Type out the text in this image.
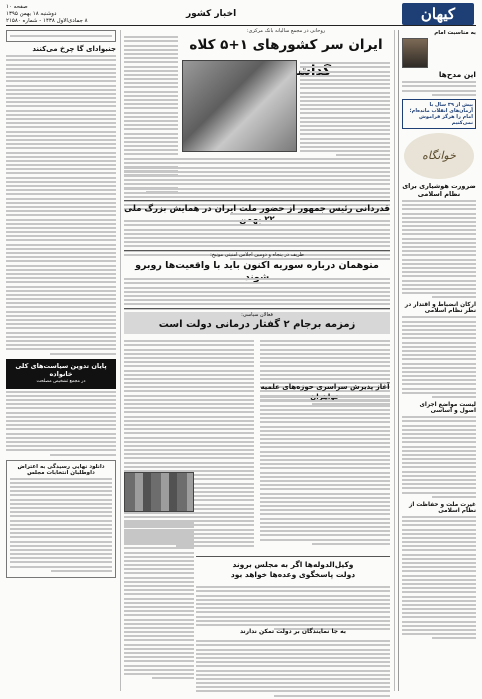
کیهان
اخبار کشور
صفحه ۱۰
دوشنبه ۱۸ بهمن ۱۳۹۵
۸ جمادی‌الاول ۱۴۳۸ - شماره ۲۱۵۸۰
روحانی در مجمع سالیانه بانک مرکزی:
ایران سر کشورهای ۱+۵ کلاه گذاشته
به مناسبت امام
این مدح‌ها
بیش از ۳۹ سال با آرمان‌های انقلاب مانده‌ام؛ امام را هرگز فراموش نمی‌کنیم
خوانگاه
ضرورت هوشیاری برای نظام اسلامی
ارکان انضباط و اقتدار در نظر نظام اسلامی
لیست مواضع اجرای اصول و اساسی
غیرت ملت و حفاظت از نظام اسلامی
جنبوادای گا چرخ می‌کنند
پایان تدوین سیاست‌های کلی خانواده
در مجمع تشخیص مصلحت
دانلود نهایی رسیدگی به اعتراض داوطلبان انتخابات مجلس
قدردانی رئیس جمهور از حضور ملت ایران در همایش بزرگ ملی
ظریف در پنجاه و دومین اجلاس امنیتی مونیخ:
متوهمان درباره سوریه اکنون باید با واقعیت‌ها روبرو
فعالان سیاسی:
زمزمه برجام ۲ گفتار درمانی دولت است
آغاز پذیرش سراسری حوزه‌های علمیه
وکیل‌الدوله‌ها اگر به مجلس بروند
دولت پاسخگوی وعده‌ها خواهد بود
به جا نمایندگان بر دولت تمکن ندارند
